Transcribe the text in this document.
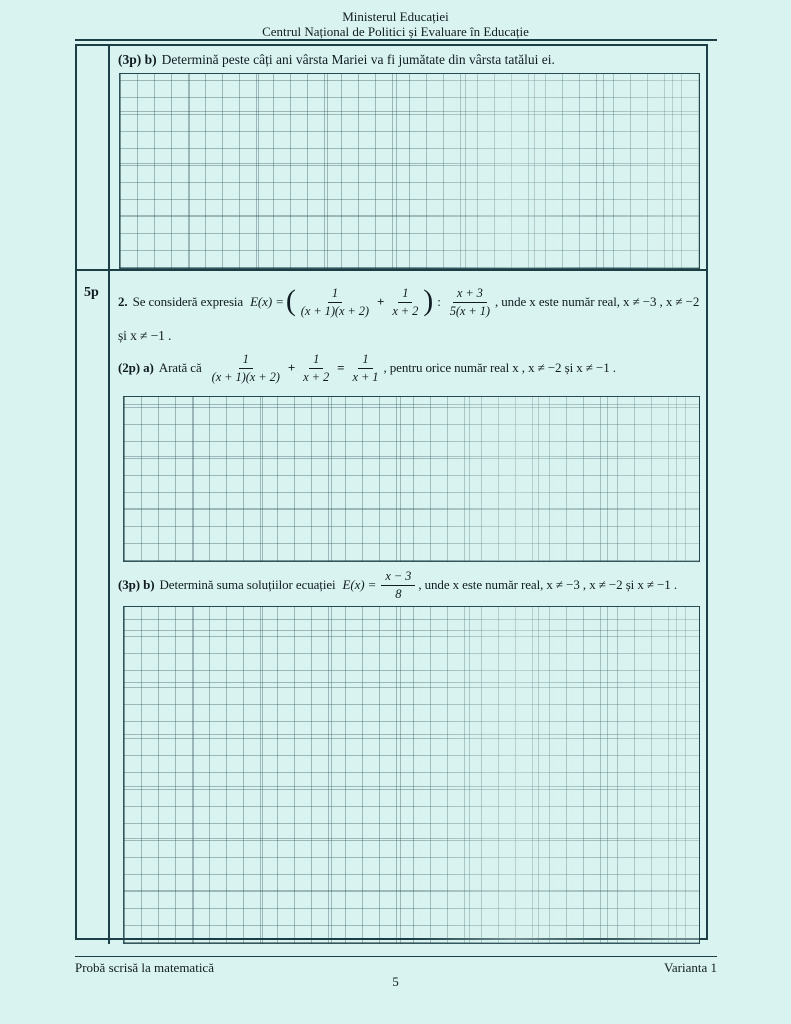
Ministerul Educației
Centrul Național de Politici și Evaluare în Educație

(3p) b) Determină peste câți ani vârsta Mariei va fi jumătate din vârsta tatălui ei.

5p
2. Se consideră expresia E(x) = ( $\frac{1}{(x + 1)(x + 2)} + \frac{1}{x + 2}$ ) : $\frac{x + 3}{5(x + 1)}$ , unde x este număr real, x ≠ −3 , x ≠ −2
și x ≠ −1 .
(2p) a) Arată că $\frac{1}{(x + 1)(x + 2)} + \frac{1}{x + 2} = \frac{1}{x + 1}$ , pentru orice număr real x , x ≠ −2 și x ≠ −1 .
(3p) b) Determină suma soluțiilor ecuației $E(x) = \frac{x - 3}{8}$ , unde x este număr real, x ≠ −3 , x ≠ −2 și x ≠ −1 .
Probă scrisă la matematică	Varianta 1
5
